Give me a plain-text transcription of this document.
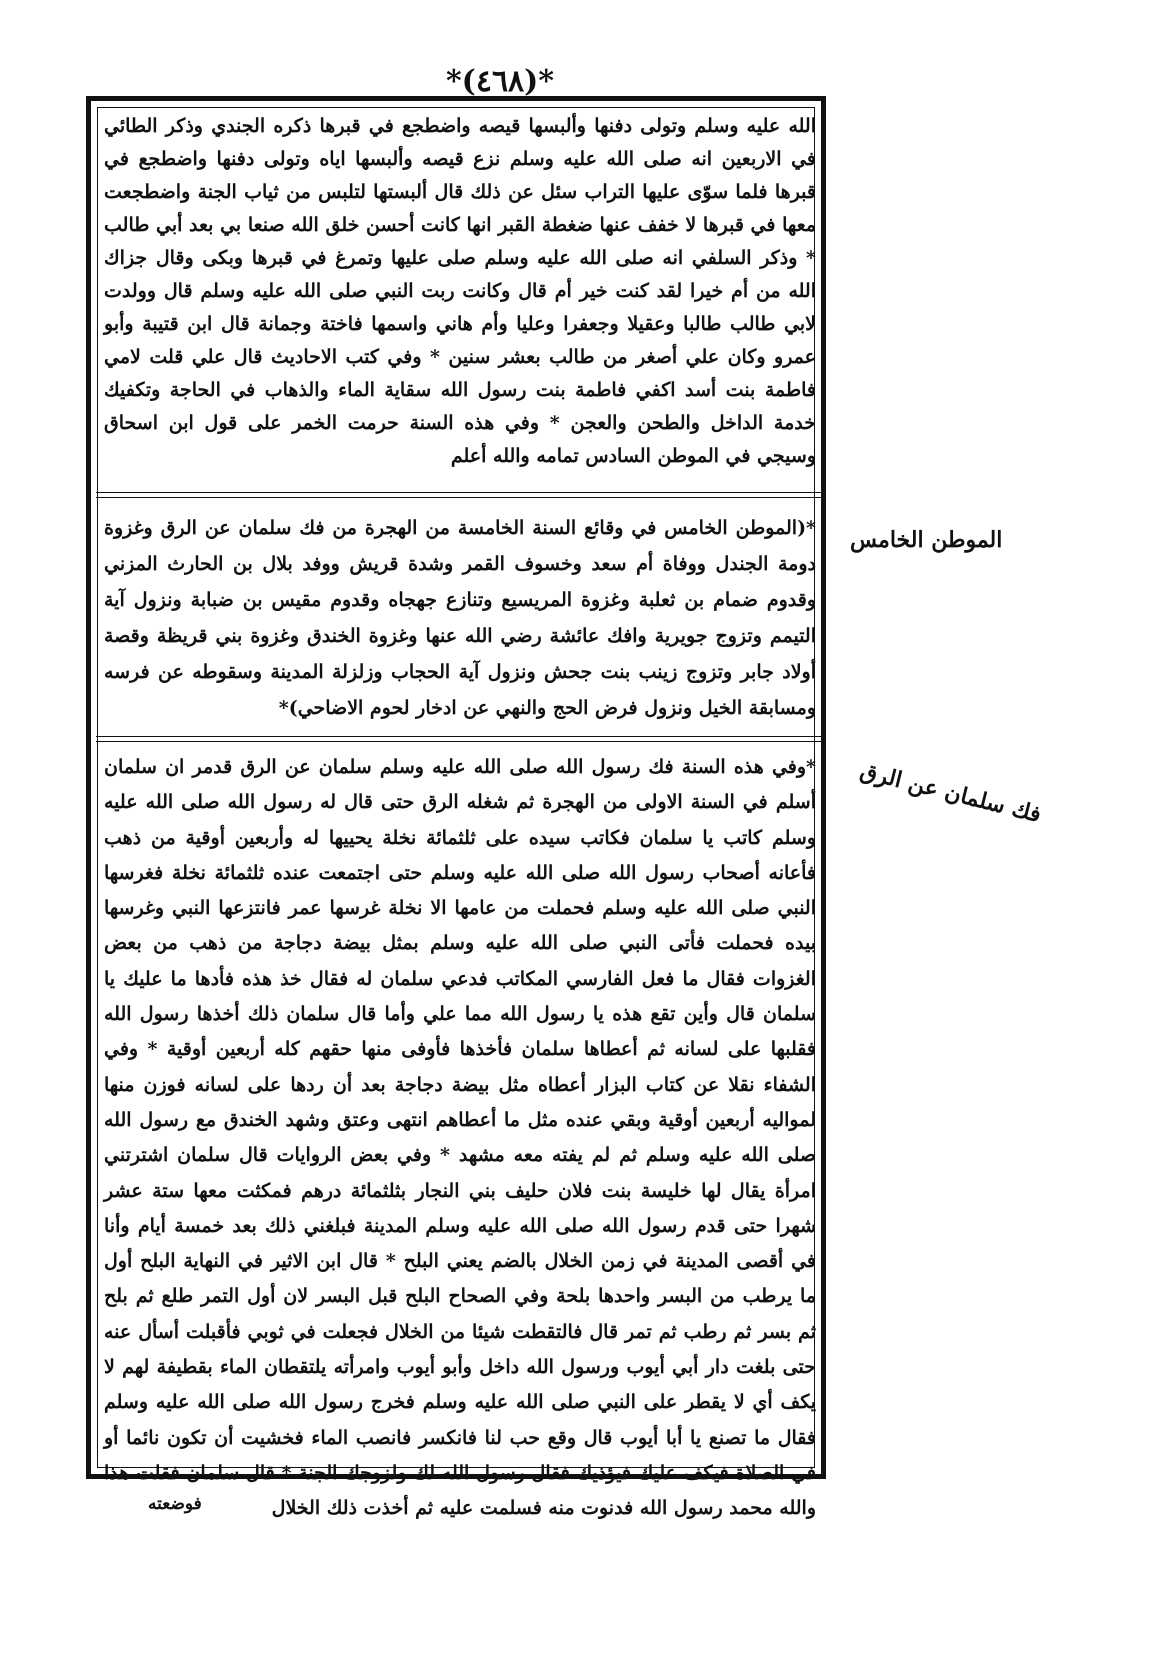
*(٤٦٨)*

الله عليه وسلم وتولى دفنها وألبسها قيصه واضطجع في قبرها ذكره الجندي وذكر الطائي في الاربعين انه صلى الله عليه وسلم نزع قيصه وألبسها اياه وتولى دفنها واضطجع في قبرها فلما سوّى عليها التراب سئل عن ذلك قال ألبستها لتلبس من ثياب الجنة واضطجعت معها في قبرها لا خفف عنها ضغطة القبر انها كانت أحسن خلق الله صنعا بي بعد أبي طالب * وذكر السلفي انه صلى الله عليه وسلم صلى عليها وتمرغ في قبرها وبكى وقال جزاك الله من أم خيرا لقد كنت خير أم قال وكانت ربت النبي صلى الله عليه وسلم قال وولدت لابي طالب طالبا وعقيلا وجعفرا وعليا وأم هاني واسمها فاختة وجمانة قال ابن قتيبة وأبو عمرو وكان علي أصغر من طالب بعشر سنين * وفي كتب الاحاديث قال علي قلت لامي فاطمة بنت أسد اكفي فاطمة بنت رسول الله سقاية الماء والذهاب في الحاجة وتكفيك خدمة الداخل والطحن والعجن * وفي هذه السنة حرمت الخمر على قول ابن اسحاق وسيجي في الموطن السادس تمامه والله أعلم

*(الموطن الخامس في وقائع السنة الخامسة من الهجرة من فك سلمان عن الرق وغزوة دومة الجندل ووفاة أم سعد وخسوف القمر وشدة قريش ووفد بلال بن الحارث المزني وقدوم ضمام بن ثعلبة وغزوة المريسيع وتنازع جهجاه وقدوم مقيس بن ضبابة ونزول آية التيمم وتزوج جويرية وافك عائشة رضي الله عنها وغزوة الخندق وغزوة بني قريظة وقصة أولاد جابر وتزوج زينب بنت جحش ونزول آية الحجاب وزلزلة المدينة وسقوطه عن فرسه ومسابقة الخيل ونزول فرض الحج والنهي عن ادخار لحوم الاضاحي)*

*وفي هذه السنة فك رسول الله صلى الله عليه وسلم سلمان عن الرق قدمر ان سلمان أسلم في السنة الاولى من الهجرة ثم شغله الرق حتى قال له رسول الله صلى الله عليه وسلم كاتب يا سلمان فكاتب سيده على ثلثمائة نخلة يحييها له وأربعين أوقية من ذهب فأعانه أصحاب رسول الله صلى الله عليه وسلم حتى اجتمعت عنده ثلثمائة نخلة فغرسها النبي صلى الله عليه وسلم فحملت من عامها الا نخلة غرسها عمر فانتزعها النبي وغرسها بيده فحملت فأتى النبي صلى الله عليه وسلم بمثل بيضة دجاجة من ذهب من بعض الغزوات فقال ما فعل الفارسي المكاتب فدعي سلمان له فقال خذ هذه فأدها ما عليك يا سلمان قال وأين تقع هذه يا رسول الله مما علي وأما قال سلمان ذلك أخذها رسول الله فقلبها على لسانه ثم أعطاها سلمان فأخذها فأوفى منها حقهم كله أربعين أوقية * وفي الشفاء نقلا عن كتاب البزار أعطاه مثل بيضة دجاجة بعد أن ردها على لسانه فوزن منها لمواليه أربعين أوقية وبقي عنده مثل ما أعطاهم انتهى وعتق وشهد الخندق مع رسول الله صلى الله عليه وسلم ثم لم يفته معه مشهد * وفي بعض الروايات قال سلمان اشترتني امرأة يقال لها خليسة بنت فلان حليف بني النجار بثلثمائة درهم فمكثت معها ستة عشر شهرا حتى قدم رسول الله صلى الله عليه وسلم المدينة فبلغني ذلك بعد خمسة أيام وأنا في أقصى المدينة في زمن الخلال بالضم يعني البلح * قال ابن الاثير في النهاية البلح أول ما يرطب من البسر واحدها بلحة وفي الصحاح البلح قبل البسر لان أول التمر طلع ثم بلح ثم بسر ثم رطب ثم تمر قال فالتقطت شيئا من الخلال فجعلت في ثوبي فأقبلت أسأل عنه حتى بلغت دار أبي أيوب ورسول الله داخل وأبو أيوب وامرأته يلتقطان الماء بقطيفة لهم لا يكف أي لا يقطر على النبي صلى الله عليه وسلم فخرج رسول الله صلى الله عليه وسلم فقال ما تصنع يا أبا أيوب قال وقع حب لنا فانكسر فانصب الماء فخشيت أن تكون نائما أو في الصلاة فيكف عليك فيؤذيك فقال رسول الله لك ولزوجك الجنة * قال سلمان فقلت هذا والله محمد رسول الله فدنوت منه فسلمت عليه ثم أخذت ذلك الخلال

الموطن الخامس
فك سلمان عن الرق
فوضعته
